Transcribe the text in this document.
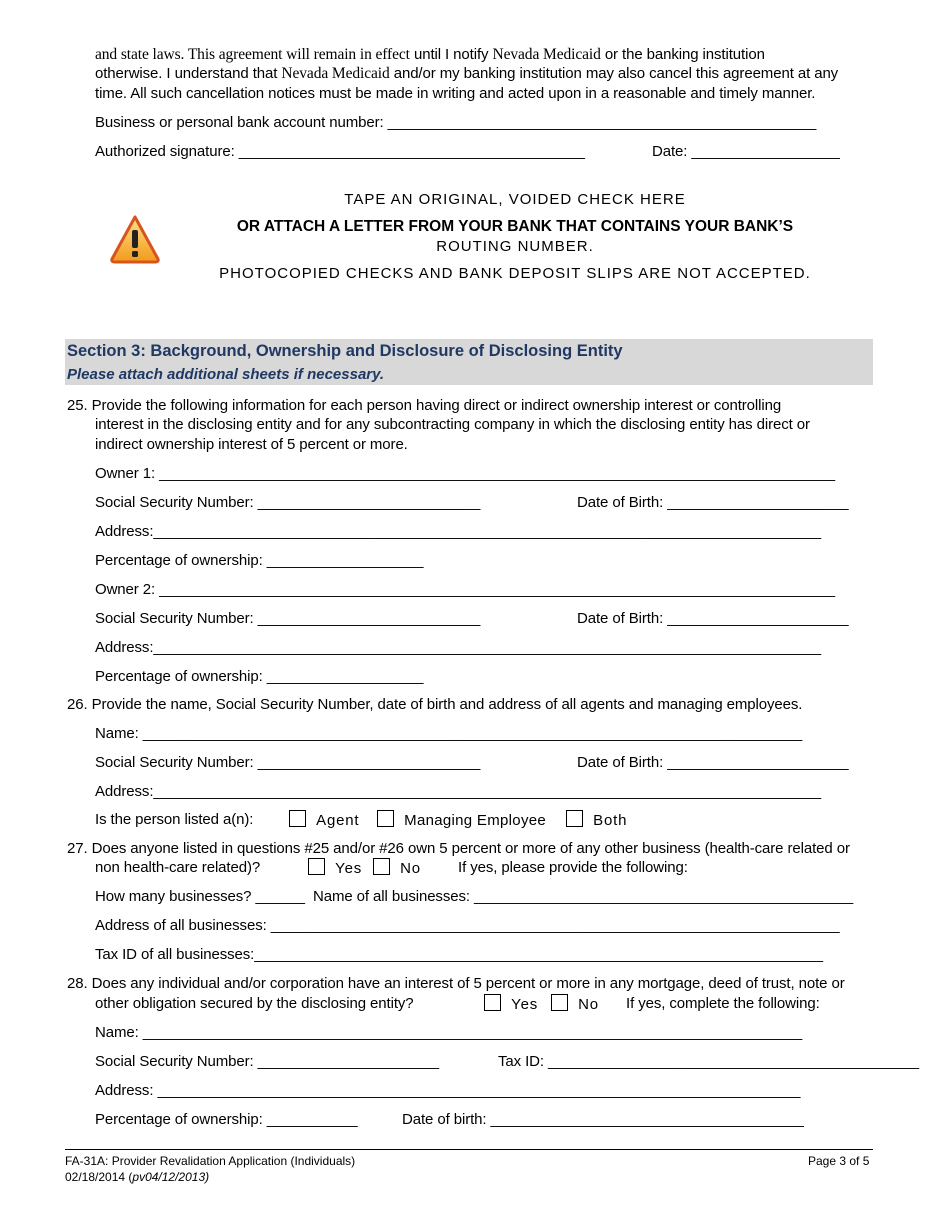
and state laws. This agreement will remain in effect until I notify Nevada Medicaid or the banking institution
otherwise. I understand that Nevada Medicaid and/or my banking institution may also cancel this agreement at any
time. All such cancellation notices must be made in writing and acted upon in a reasonable and timely manner.
Business or personal bank account number: ____________________________________________________
Authorized signature: __________________________________________	Date: __________________
TAPE AN ORIGINAL, VOIDED CHECK HERE
OR ATTACH A LETTER FROM YOUR BANK THAT CONTAINS YOUR BANK’S
ROUTING NUMBER.
PHOTOCOPIED CHECKS AND BANK DEPOSIT SLIPS ARE NOT ACCEPTED.
Section 3: Background, Ownership and Disclosure of Disclosing Entity
Please attach additional sheets if necessary.
25. Provide the following information for each person having direct or indirect ownership interest or controlling
interest in the disclosing entity and for any subcontracting company in which the disclosing entity has direct or
indirect ownership interest of 5 percent or more.
Owner 1: __________________________________________________________________________________
Social Security Number: ___________________________	Date of Birth: ______________________
Address:_________________________________________________________________________________
Percentage of ownership: ___________________
Owner 2: __________________________________________________________________________________
Social Security Number: ___________________________	Date of Birth: ______________________
Address:_________________________________________________________________________________
Percentage of ownership: ___________________
26. Provide the name, Social Security Number, date of birth and address of all agents and managing employees.
Name: ________________________________________________________________________________
Social Security Number: ___________________________	Date of Birth: ______________________
Address:_________________________________________________________________________________
Is the person listed a(n):	Agent	Managing Employee	Both
27. Does anyone listed in questions #25 and/or #26 own 5 percent or more of any other business (health-care related or
non health-care related)?	Yes	No If yes, please provide the following:
How many businesses? ______ Name of all businesses: ______________________________________________
Address of all businesses: _____________________________________________________________________
Tax ID of all businesses:_____________________________________________________________________
28. Does any individual and/or corporation have an interest of 5 percent or more in any mortgage, deed of trust, note or
other obligation secured by the disclosing entity?	Yes	No If yes, complete the following:
Name: ________________________________________________________________________________
Social Security Number: ______________________	Tax ID: _____________________________________________
Address: ______________________________________________________________________________
Percentage of ownership: ___________	Date of birth: ______________________________________
FA-31A: Provider Revalidation Application (Individuals)
02/18/2014 (pv04/12/2013)
Page 3 of 5
